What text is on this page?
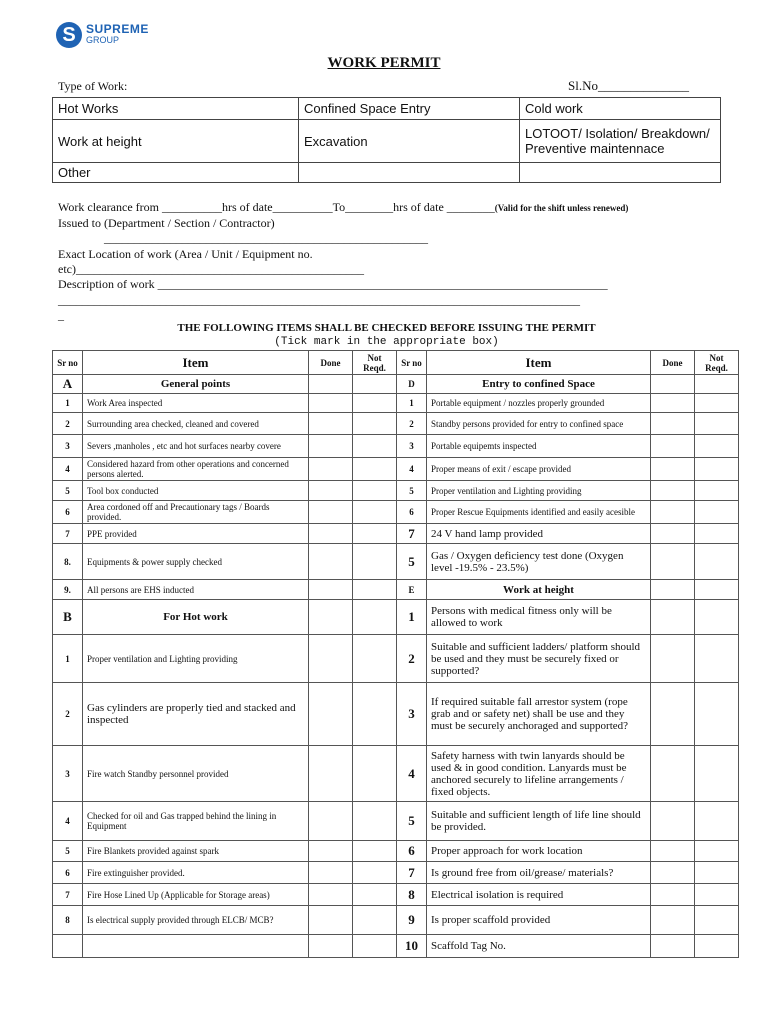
S SUPREME
GROUP
WORK PERMIT
Type of Work:	Sl.No______________
Hot Works	Confined Space Entry	Cold work
Work at height	Excavation	LOTOOT/ Isolation/ Breakdown/ Preventive maintennace
Other		
Work clearance from __________hrs of date__________To________hrs of date ________(Valid for the shift unless renewed)
Issued to (Department / Section / Contractor)
______________________________________________________
Exact Location of work (Area / Unit / Equipment no.
etc)________________________________________________
Description of work ___________________________________________________________________________
_______________________________________________________________________________________
_
THE FOLLOWING ITEMS SHALL BE CHECKED BEFORE ISSUING THE PERMIT
(Tick mark in the appropriate box)
Sr no	Item	Done	Not Reqd.	Sr no	Item	Done	Not Reqd.
A	General points			D	Entry to confined Space		
1	Work Area inspected			1	Portable equipment / nozzles properly grounded		
2	Surrounding area checked, cleaned and covered			2	Standby persons provided for entry to confined space		
3	Severs ,manholes , etc and hot surfaces nearby covere			3	Portable equipemts inspected		
4	Considered hazard from other operations and concerned persons alerted.			4	Proper means of exit / escape provided		
5	Tool box conducted			5	Proper ventilation and Lighting providing		
6	Area cordoned off and Precautionary tags / Boards provided.			6	Proper Rescue Equipments identified and easily acesible		
7	PPE provided			7	24 V hand lamp provided		
8.	Equipments & power supply checked			5	Gas / Oxygen deficiency test done (Oxygen level -19.5% - 23.5%)		
9.	All persons are EHS inducted			E	Work at height		
B	For Hot work			1	Persons with medical fitness only will be allowed to work		
1	Proper ventilation and Lighting providing			2	Suitable and sufficient ladders/ platform should be used and they must be securely fixed or supported?		
2	Gas cylinders are properly tied and stacked and inspected			3	If required suitable fall arrestor system (rope grab and or safety net) shall be use and they must be securely anchoraged and supported?		
3	Fire watch Standby personnel provided			4	Safety harness with twin lanyards should be used & in good condition. Lanyards must be anchored securely to lifeline arrangements / fixed objects.		
4	Checked for oil and Gas trapped behind the lining in Equipment			5	Suitable and sufficient length of life line should be provided.		
5	Fire Blankets provided against spark			6	Proper approach for work location		
6	Fire extinguisher provided.			7	Is ground free from oil/grease/ materials?		
7	Fire Hose Lined Up (Applicable for Storage areas)			8	Electrical isolation is required		
8	Is electrical supply provided through ELCB/ MCB?			9	Is proper scaffold provided		
				10	Scaffold Tag No.		
